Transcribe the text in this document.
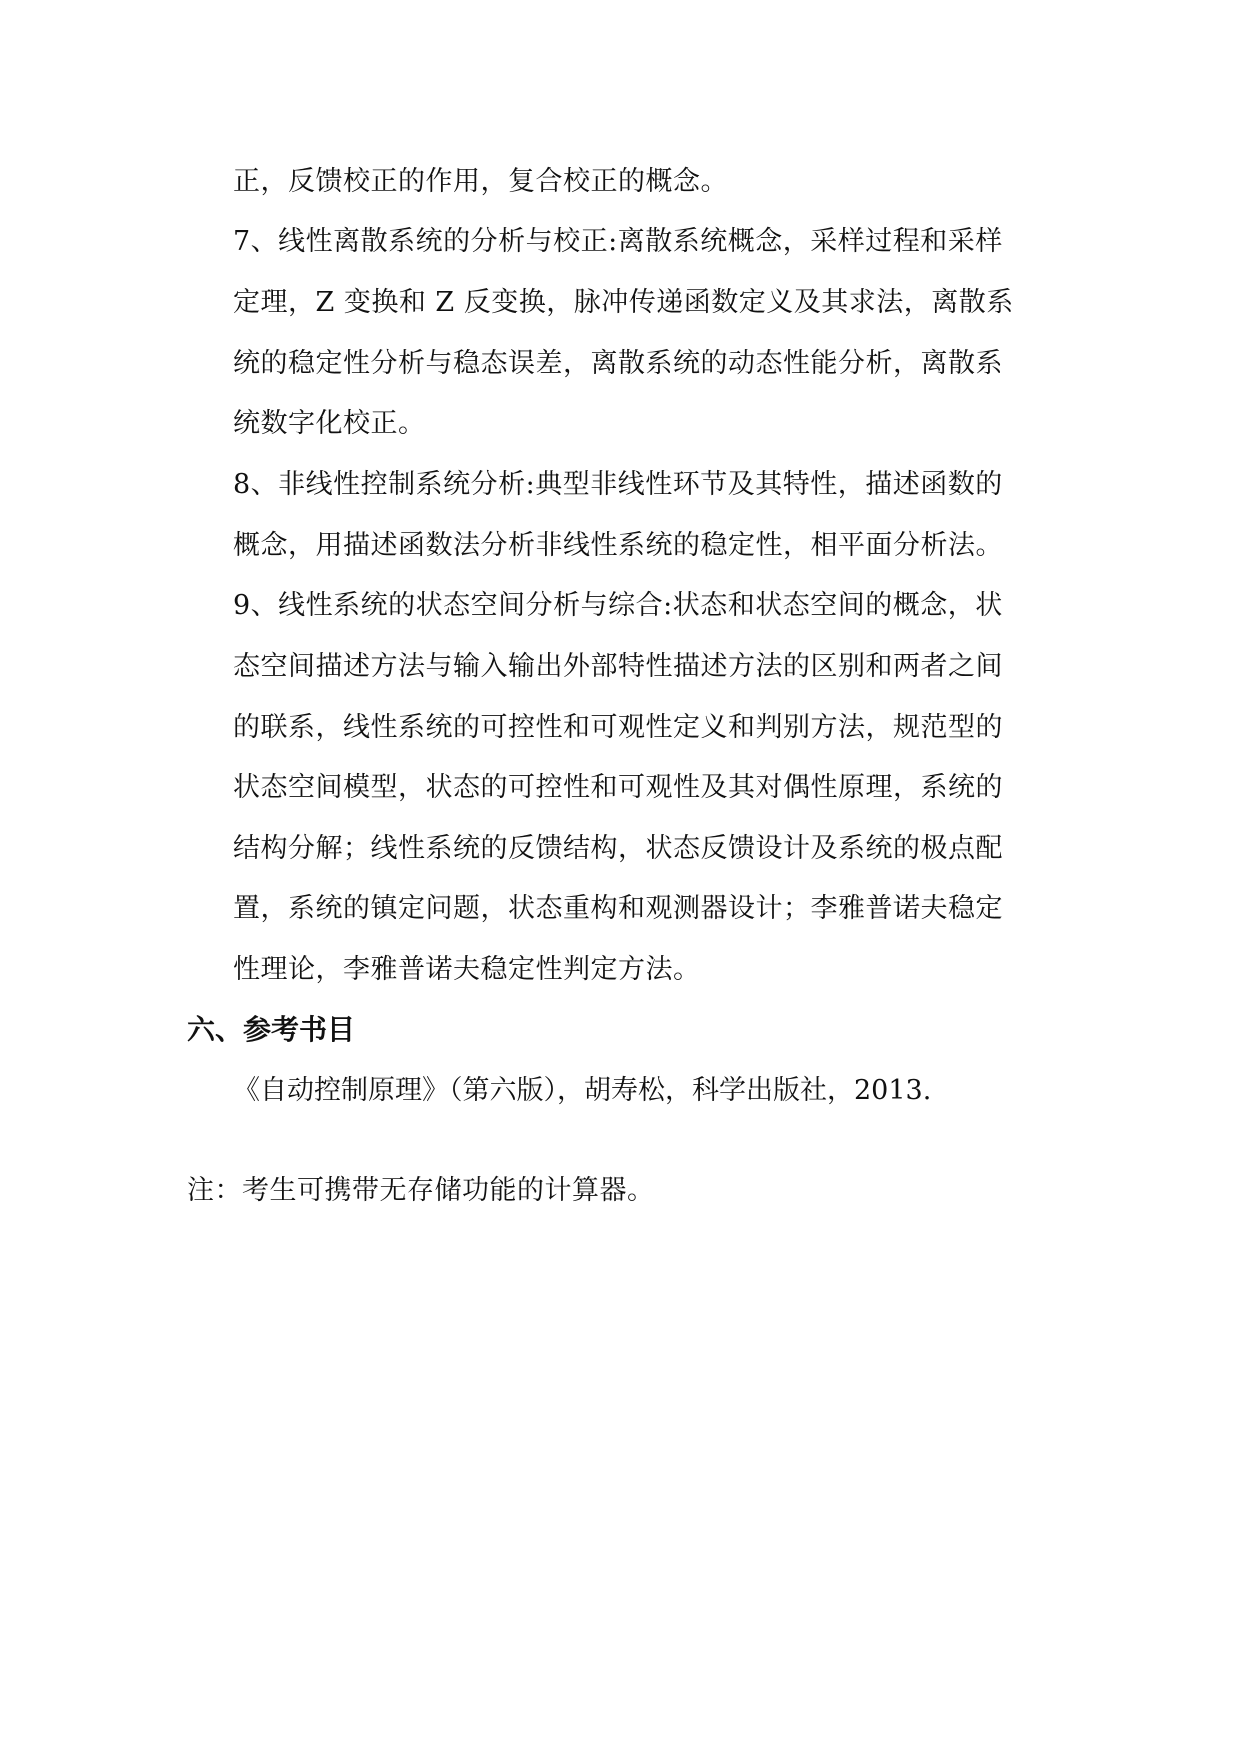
正，反馈校正的作用，复合校正的概念。
7、线性离散系统的分析与校正:离散系统概念，采样过程和采样
定理，Z 变换和 Z 反变换，脉冲传递函数定义及其求法，离散系
统的稳定性分析与稳态误差，离散系统的动态性能分析，离散系
统数字化校正。
8、非线性控制系统分析:典型非线性环节及其特性，描述函数的
概念，用描述函数法分析非线性系统的稳定性，相平面分析法。
9、线性系统的状态空间分析与综合:状态和状态空间的概念，状
态空间描述方法与输入输出外部特性描述方法的区别和两者之间
的联系，线性系统的可控性和可观性定义和判别方法，规范型的
状态空间模型，状态的可控性和可观性及其对偶性原理，系统的
结构分解；线性系统的反馈结构，状态反馈设计及系统的极点配
置，系统的镇定问题，状态重构和观测器设计；李雅普诺夫稳定
性理论，李雅普诺夫稳定性判定方法。
六、参考书目
《自动控制原理》（第六版），胡寿松，科学出版社，2013.
注：考生可携带无存储功能的计算器。
